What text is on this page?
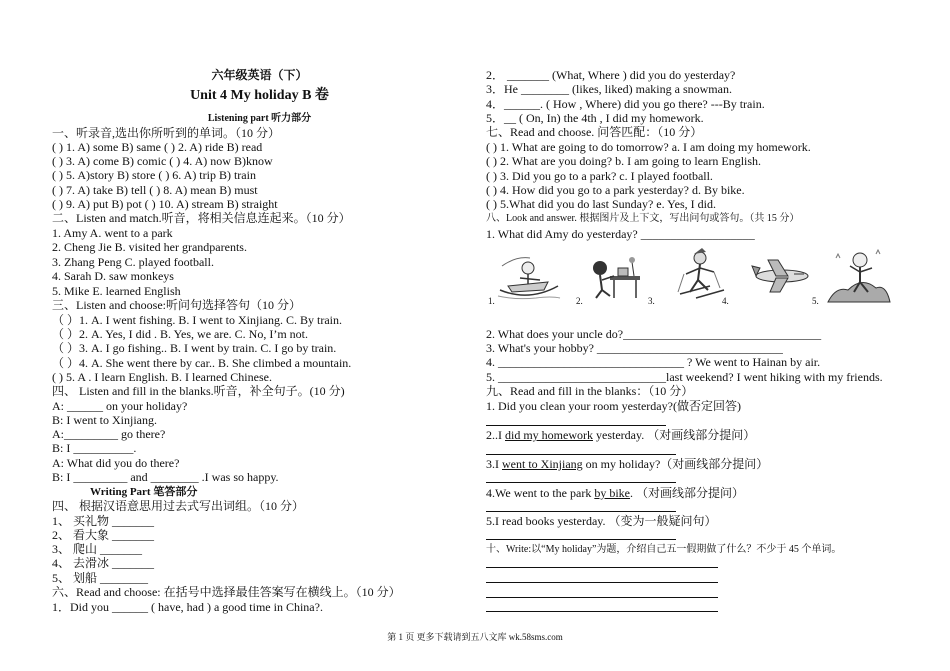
六年级英语（下）
Unit 4 My holiday B 卷
Listening part 听力部分
一、听录音,选出你所听到的单词。（10 分）
( ) 1. A) some B) same ( ) 2. A) ride B) read
( ) 3. A) come B) comic ( ) 4. A) now B)know
( ) 5. A)story B) store ( ) 6. A) trip B) train
( ) 7. A) take B) tell ( ) 8. A) mean B) must
( ) 9. A) put B) pot ( ) 10. A) stream B) straight
二、Listen and match.听音，将相关信息连起来。（10 分）
1. Amy A. went to a park
2. Cheng Jie B. visited her grandparents.
3. Zhang Peng C. played football.
4. Sarah D. saw monkeys
5. Mike E. learned English
三、Listen and choose:听问句选择答句（10 分）
（ ）1. A. I went fishing. B. I went to Xinjiang. C. By train.
（ ）2. A. Yes, I did . B. Yes, we are. C. No, I’m not.
（ ）3. A. I go fishing.. B. I went by train. C. I go by train.
（ ）4. A. She went there by car.. B. She climbed a mountain.
( ) 5. A . I learn English. B. I learned Chinese.
四、 Listen and fill in the blanks.听音，补全句子。(10 分)
A: ______ on your holiday?
B: I went to Xinjiang.
A:_________ go there?
B: I __________.
A: What did you do there?
B: I _________ and ________ .I was so happy.
Writing Part 笔答部分
四、 根据汉语意思用过去式写出词组。（10 分）
1、 买礼物 _______
2、 看大象 _______
3、 爬山 _______
4、 去滑冰 _______
5、 划船 ________
六、Read and choose: 在括号中选择最佳答案写在横线上。（10 分）
1．Did you ______ ( have, had ) a good time in China?.
2． _______ (What, Where ) did you do yesterday?
3．He ________ (likes, liked) making a snowman.
4．______. ( How , Where) did you go there? ---By train.
5．__ ( On, In) the 4th , I did my homework.
七、Read and choose. 问答匹配：（10 分）
( ) 1. What are going to do tomorrow? a. I am doing my homework.
( ) 2. What are you doing? b. I am going to learn English.
( ) 3. Did you go to a park? c. I played football.
( ) 4. How did you go to a park yesterday? d. By bike.
( ) 5.What did you do last Sunday? e. Yes, I did.
八、Look and answer. 根据图片及上下文，写出问句或答句。（共 15 分）
1. What did Amy do yesterday? ___________________
1.	2.	3.	4.	5.
2. What does your uncle do?_________________________________
3. What's your hobby? _______________________________
4. _______________________________ ? We went to Hainan by air.
5. ____________________________last weekend? I went hiking with my friends.
九、Read and fill in the blanks：（10 分）
1. Did you clean your room yesterday?(做否定回答)
2..I did my homework yesterday. （对画线部分提问）
3.I went to Xinjiang on my holiday?（对画线部分提问）
4.We went to the park by bike. （对画线部分提问）
5.I read books yesterday. （变为一般疑问句）
十、Write:以“My holiday”为题，介绍自己五一假期做了什么？不少于 45 个单词。
第 1 页 更多下载请到五八文库 wk.58sms.com
